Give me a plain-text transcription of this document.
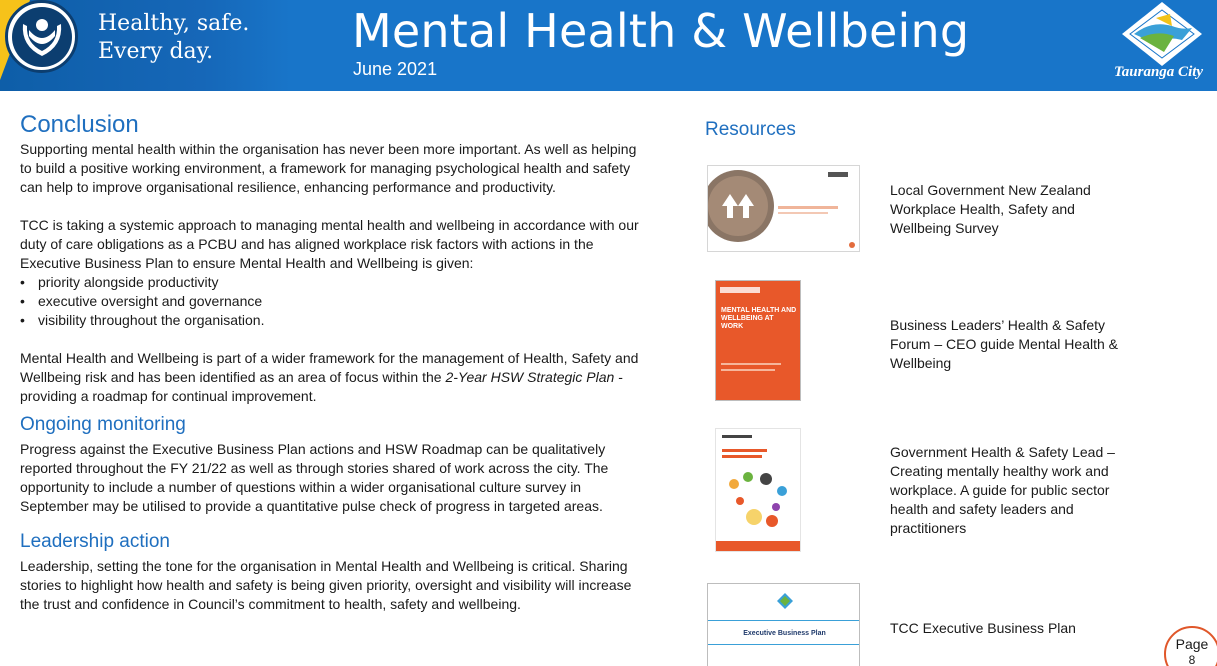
Healthy, safe.
Every day.	Mental Health & Wellbeing
June 2021	Tauranga City
Conclusion

Supporting mental health within the organisation has never been more important. As well as helping to build a positive working environment, a framework for managing psychological health and safety can help to improve organisational resilience, enhancing performance and productivity.

TCC is taking a systemic approach to managing mental health and wellbeing in accordance with our duty of care obligations as a PCBU and has aligned workplace risk factors with actions in the Executive Business Plan to ensure Mental Health and Wellbeing is given:

• priority alongside productivity
• executive oversight and governance
• visibility throughout the organisation.

Mental Health and Wellbeing is part of a wider framework for the management of Health, Safety and Wellbeing risk and has been identified as an area of focus within the 2-Year HSW Strategic Plan - providing a roadmap for continual improvement.

Ongoing monitoring

Progress against the Executive Business Plan actions and HSW Roadmap can be qualitatively reported throughout the FY 21/22 as well as through stories shared of work across the city. The opportunity to include a number of questions within a wider organisational culture survey in September may be utilised to provide a quantitative pulse check of progress in targeted areas.

Leadership action

Leadership, setting the tone for the organisation in Mental Health and Wellbeing is critical. Sharing stories to highlight how health and safety is being given priority, oversight and visibility will increase the trust and confidence in Council’s commitment to health, safety and wellbeing.

Resources
Local Government New Zealand Workplace Health, Safety and Wellbeing Survey
MENTAL HEALTH AND WELLBEING AT WORK	Business Leaders’ Health & Safety Forum – CEO guide Mental Health & Wellbeing
Government Health & Safety Lead – Creating mentally healthy work and workplace. A guide for public sector health and safety leaders and practitioners
Executive Business Plan	TCC Executive Business Plan
Page
8
